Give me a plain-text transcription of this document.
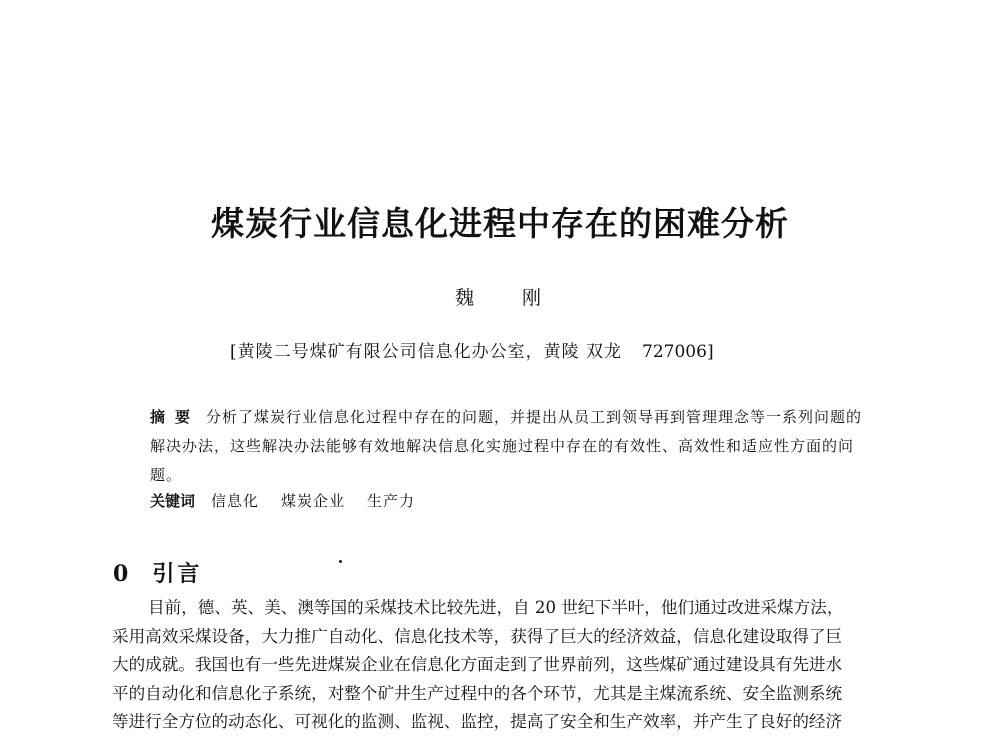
煤炭行业信息化进程中存在的困难分析

魏刚

[黄陵二号煤矿有限公司信息化办公室，黄陵 双龙 727006]

摘要 分析了煤炭行业信息化过程中存在的问题，并提出从员工到领导再到管理理念等一系列问题的解决办法，这些解决办法能够有效地解决信息化实施过程中存在的有效性、高效性和适应性方面的问题。

关键词 信息化 煤炭企业 生产力

0 引言
目前，德、英、美、澳等国的采煤技术比较先进，自 20 世纪下半叶，他们通过改进采煤方法，
采用高效采煤设备，大力推广自动化、信息化技术等，获得了巨大的经济效益，信息化建设取得了巨
大的成就。我国也有一些先进煤炭企业在信息化方面走到了世界前列，这些煤矿通过建设具有先进水
平的自动化和信息化子系统，对整个矿井生产过程中的各个环节，尤其是主煤流系统、安全监测系统
等进行全方位的动态化、可视化的监测、监视、监控，提高了安全和生产效率，并产生了良好的经济
